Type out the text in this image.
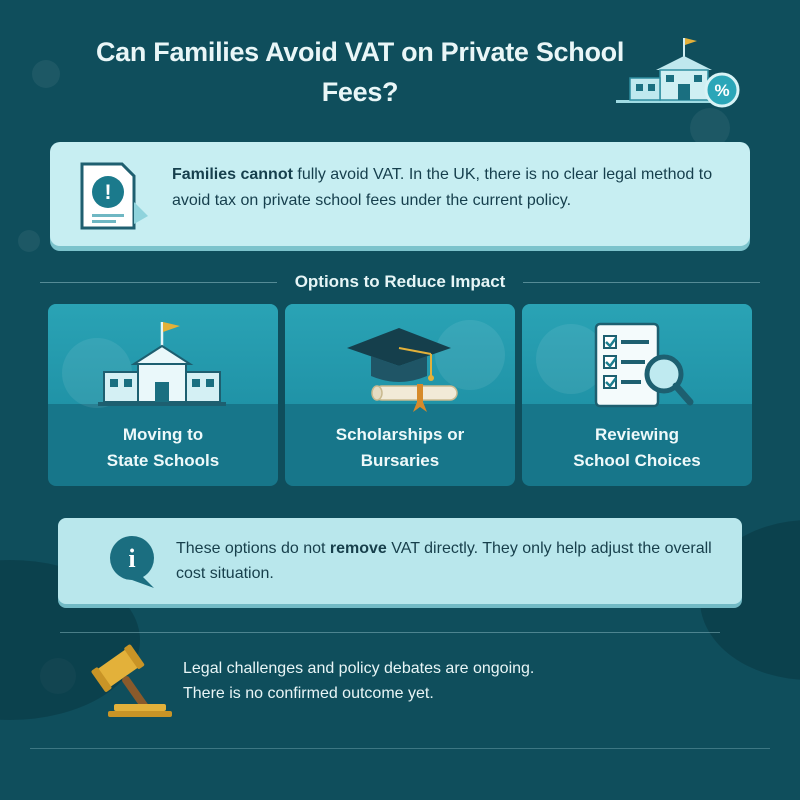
Can Families Avoid VAT on Private School
Fees?	%
!
Families cannot fully avoid VAT. In the UK, there is no clear legal method to avoid tax on private school fees under the current policy.
Options to Reduce Impact
Moving to
State Schools
Scholarships or
Bursaries
Reviewing
School Choices
i	These options do not remove VAT directly. They only help adjust the overall cost situation.
Legal challenges and policy debates are ongoing.
There is no confirmed outcome yet.
